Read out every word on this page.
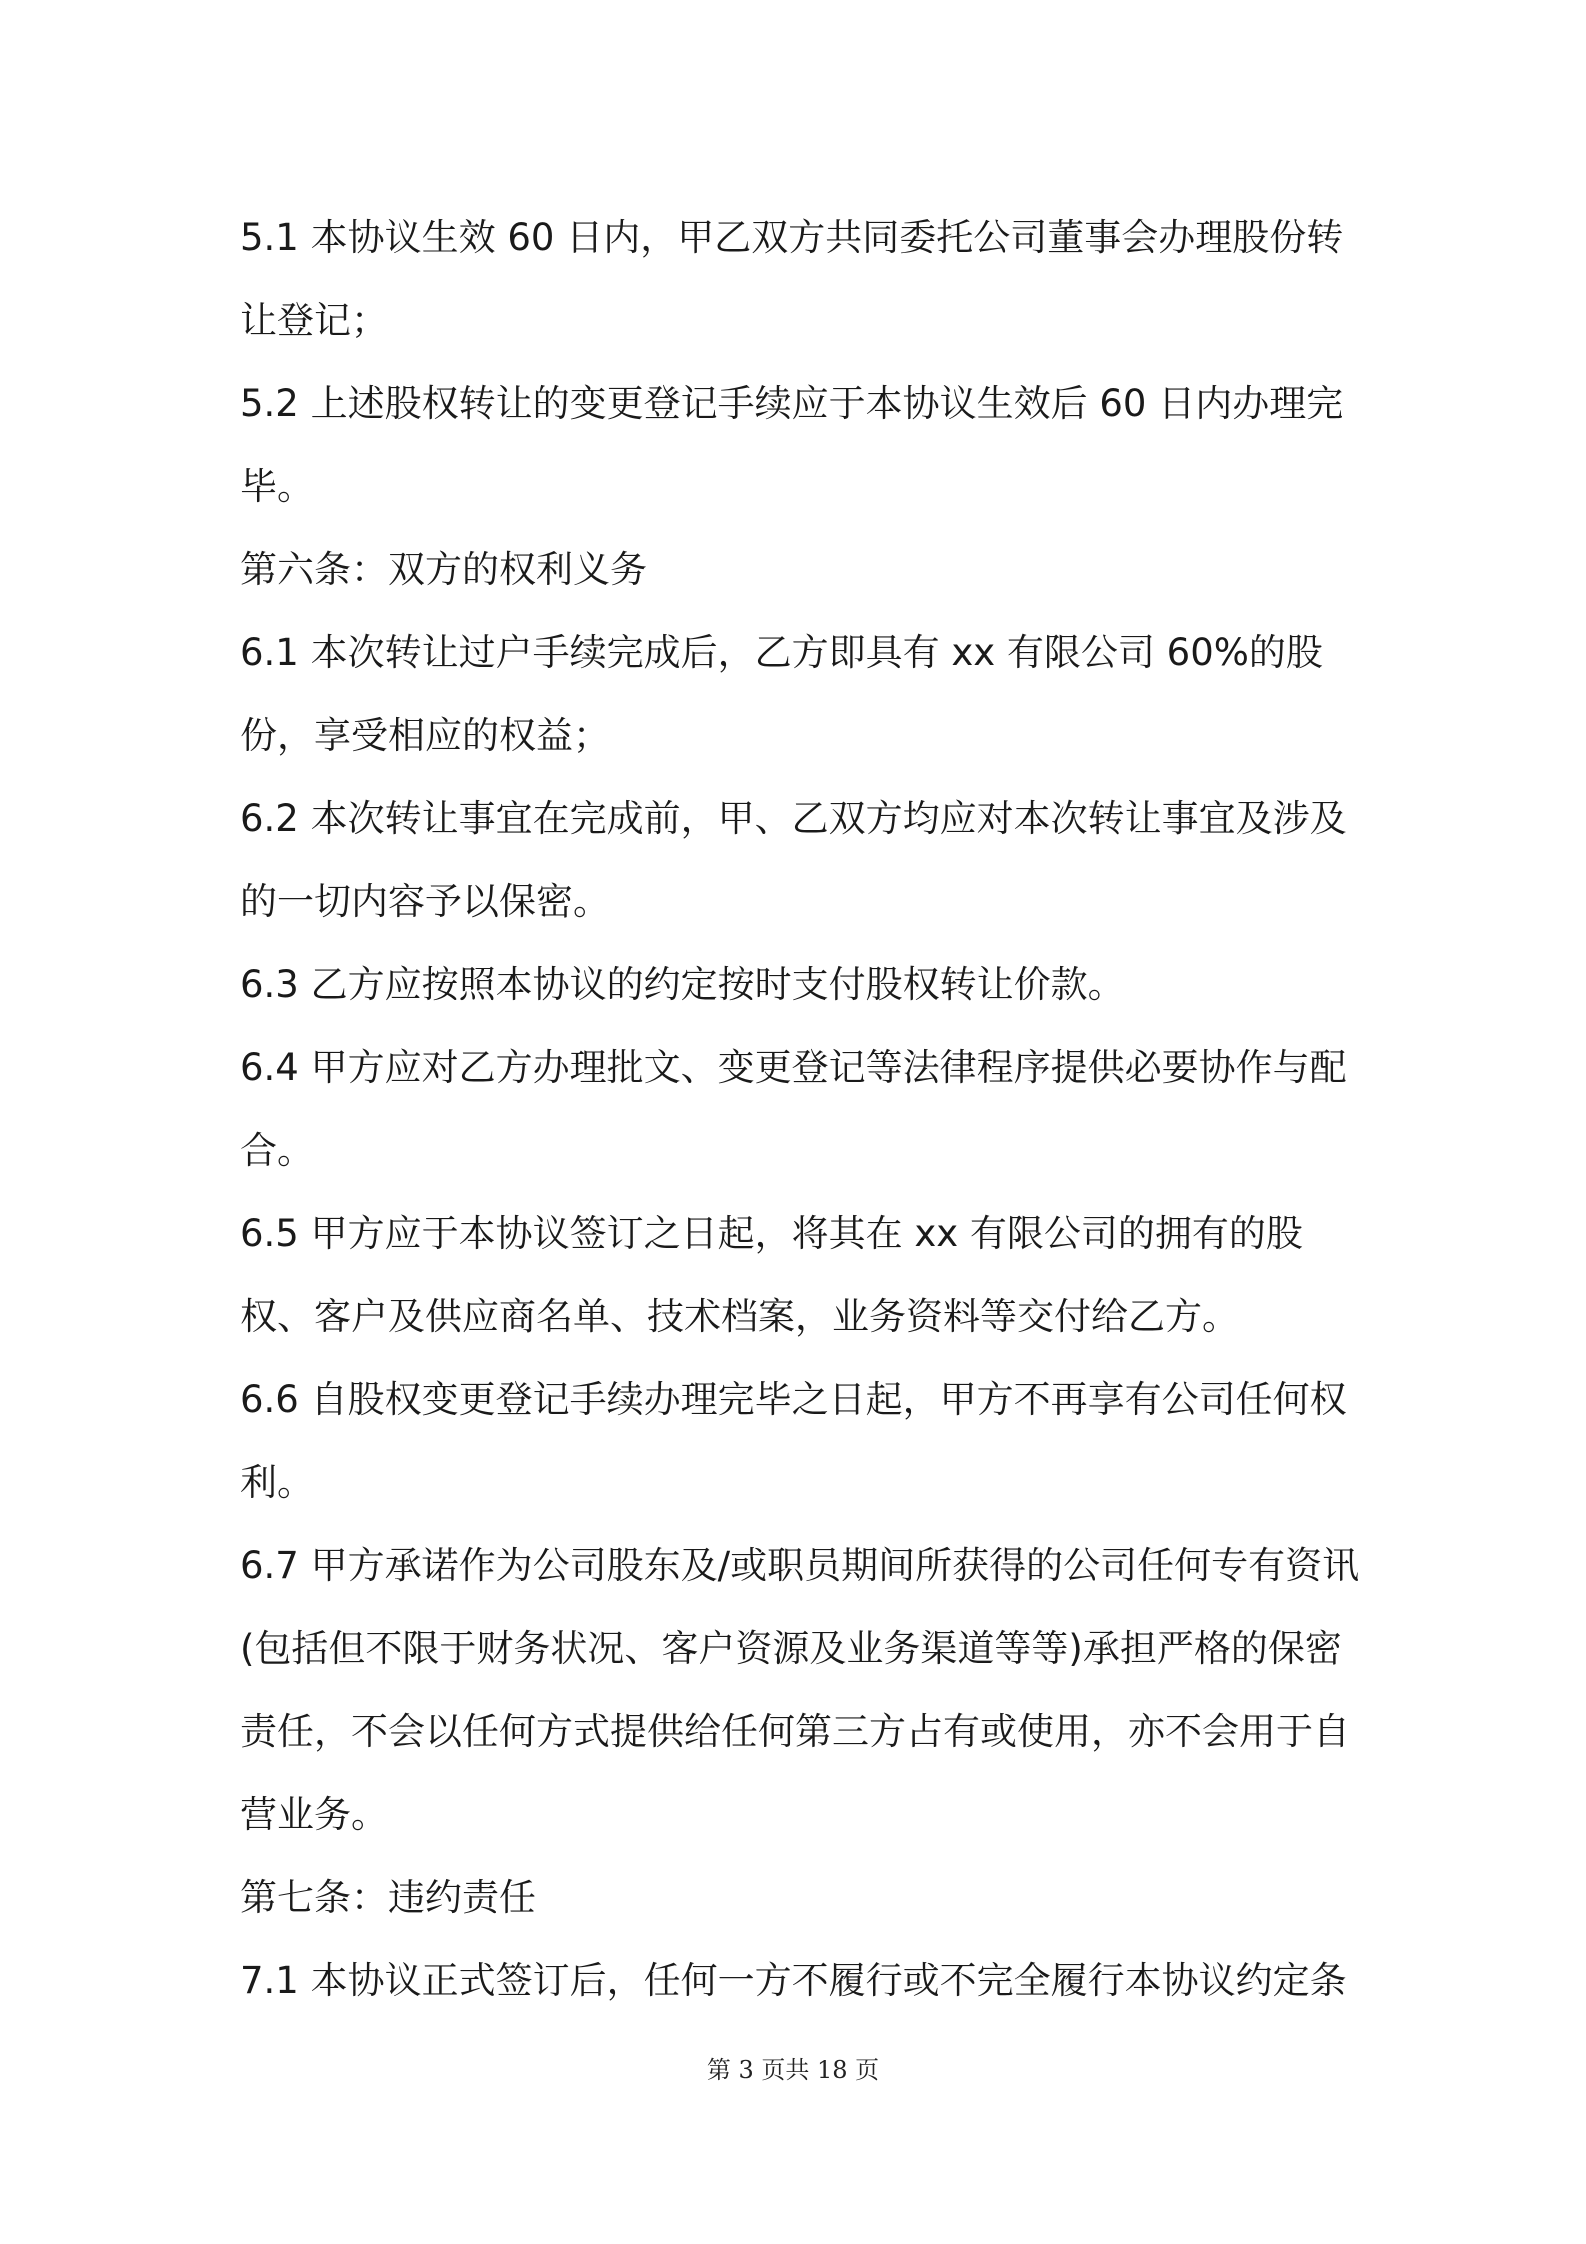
5.1 本协议生效 60 日内，甲乙双方共同委托公司董事会办理股份转让登记；

5.2 上述股权转让的变更登记手续应于本协议生效后 60 日内办理完毕。

第六条：双方的权利义务

6.1 本次转让过户手续完成后，乙方即具有 xx 有限公司 60%的股份，享受相应的权益；

6.2 本次转让事宜在完成前，甲、乙双方均应对本次转让事宜及涉及的一切内容予以保密。

6.3 乙方应按照本协议的约定按时支付股权转让价款。

6.4 甲方应对乙方办理批文、变更登记等法律程序提供必要协作与配合。

6.5 甲方应于本协议签订之日起，将其在 xx 有限公司的拥有的股权、客户及供应商名单、技术档案，业务资料等交付给乙方。

6.6 自股权变更登记手续办理完毕之日起，甲方不再享有公司任何权利。

6.7 甲方承诺作为公司股东及/或职员期间所获得的公司任何专有资讯(包括但不限于财务状况、客户资源及业务渠道等等)承担严格的保密责任，不会以任何方式提供给任何第三方占有或使用，亦不会用于自营业务。

第七条：违约责任

7.1 本协议正式签订后，任何一方不履行或不完全履行本协议约定条

第 3 页共 18 页
